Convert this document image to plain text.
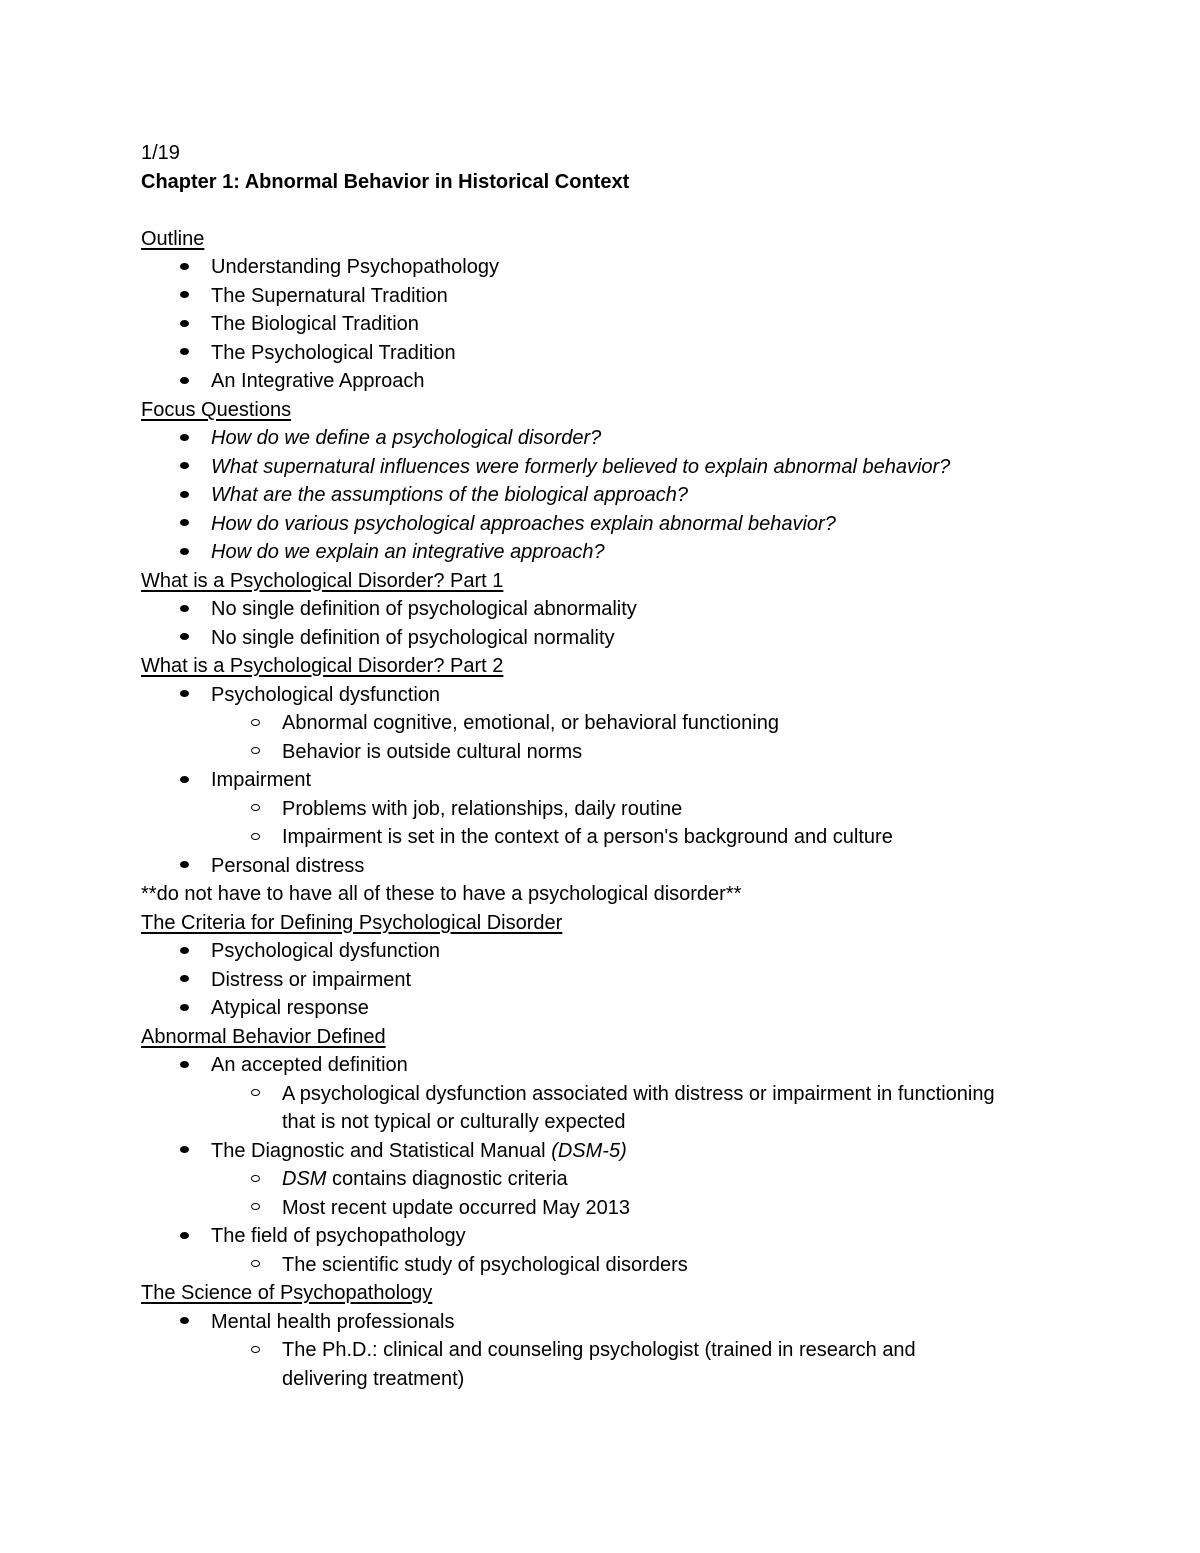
1/19
Chapter 1: Abnormal Behavior in Historical Context
Outline
Understanding Psychopathology
The Supernatural Tradition
The Biological Tradition
The Psychological Tradition
An Integrative Approach
Focus Questions
How do we define a psychological disorder?
What supernatural influences were formerly believed to explain abnormal behavior?
What are the assumptions of the biological approach?
How do various psychological approaches explain abnormal behavior?
How do we explain an integrative approach?
What is a Psychological Disorder? Part 1
No single definition of psychological abnormality
No single definition of psychological normality
What is a Psychological Disorder? Part 2
Psychological dysfunction
Abnormal cognitive, emotional, or behavioral functioning
Behavior is outside cultural norms
Impairment
Problems with job, relationships, daily routine
Impairment is set in the context of a person's background and culture
Personal distress
**do not have to have all of these to have a psychological disorder**
The Criteria for Defining Psychological Disorder
Psychological dysfunction
Distress or impairment
Atypical response
Abnormal Behavior Defined
An accepted definition
A psychological dysfunction associated with distress or impairment in functioning
that is not typical or culturally expected
The Diagnostic and Statistical Manual (DSM-5)
DSM contains diagnostic criteria
Most recent update occurred May 2013
The field of psychopathology
The scientific study of psychological disorders
The Science of Psychopathology
Mental health professionals
The Ph.D.: clinical and counseling psychologist (trained in research and
delivering treatment)
